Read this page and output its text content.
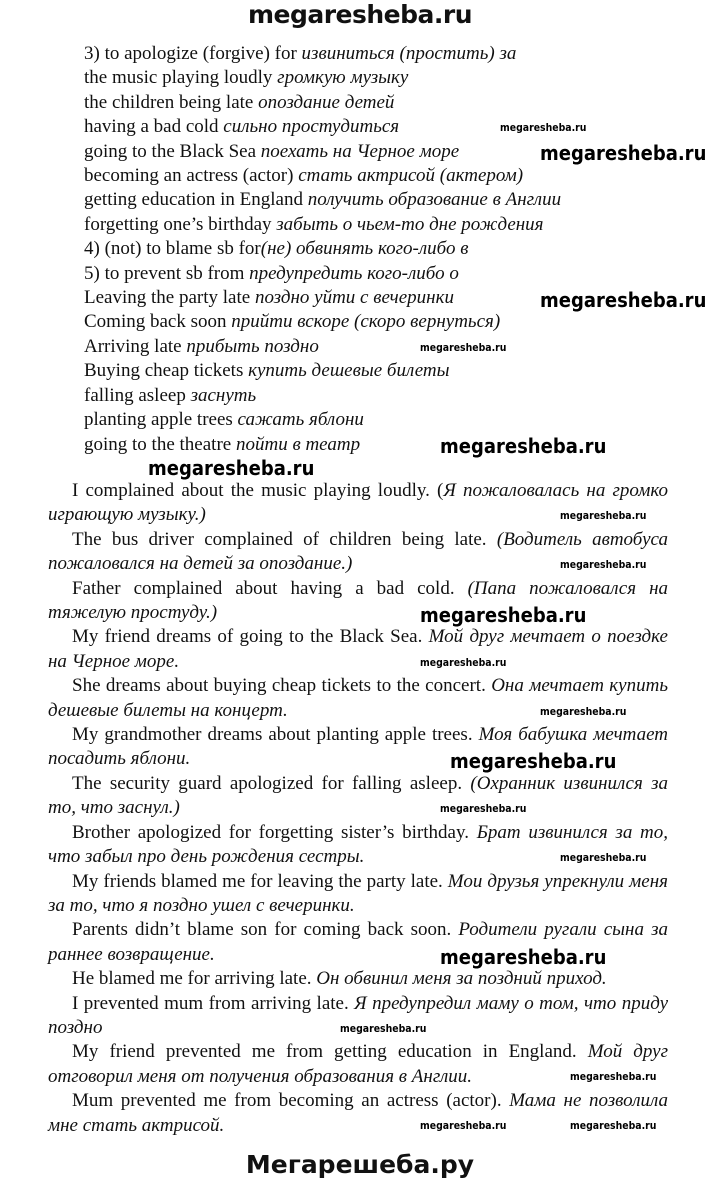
megaresheba.ru
3) to apologize (forgive) for извиниться (простить) за
the music playing loudly громкую музыку
the children being late опоздание детей
having a bad cold сильно простудиться
going to the Black Sea поехать на Черное море
becoming an actress (actor) стать актрисой (актером)
getting education in England получить образование в Англии
forgetting one’s birthday забыть о чьем-то дне рождения
4) (not) to blame sb for(не) обвинять кого-либо в
5) to prevent sb from предупредить кого-либо о
Leaving the party late поздно уйти с вечеринки
Coming back soon прийти вскоре (скоро вернуться)
Arriving late прибыть поздно
Buying cheap tickets купить дешевые билеты
falling asleep заснуть
planting apple trees сажать яблони
going to the theatre пойти в театр

I complained about the music playing loudly. (Я пожаловалась на громко играющую музыку.)

The bus driver complained of children being late. (Водитель автобуса пожаловался на детей за опоздание.)

Father complained about having a bad cold. (Папа пожаловался на тяжелую простуду.)

My friend dreams of going to the Black Sea. Мой друг мечтает о поездке на Черное море.

She dreams about buying cheap tickets to the concert. Она мечтает купить дешевые билеты на концерт.

My grandmother dreams about planting apple trees. Моя бабушка мечтает посадить яблони.

The security guard apologized for falling asleep. (Охранник извинился за то, что заснул.)

Brother apologized for forgetting sister’s birthday. Брат извинился за то, что забыл про день рождения сестры.

My friends blamed me for leaving the party late. Мои друзья упрекнули меня за то, что я поздно ушел с вечеринки.

Parents didn’t blame son for coming back soon. Родители ругали сына за раннее возвращение.

He blamed me for arriving late. Он обвинил меня за поздний приход.

I prevented mum from arriving late. Я предупредил маму о том, что приду поздно

My friend prevented me from getting education in England. Мой друг отговорил меня от получения образования в Англии.

Mum prevented me from becoming an actress (actor). Мама не позволила мне стать актрисой.

megaresheba.ru
megaresheba.ru
megaresheba.ru
megaresheba.ru
megaresheba.ru
megaresheba.ru
megaresheba.ru
megaresheba.ru
megaresheba.ru
megaresheba.ru
megaresheba.ru
megaresheba.ru
megaresheba.ru
megaresheba.ru
megaresheba.ru
megaresheba.ru
megaresheba.ru
megaresheba.ru	megaresheba.ru
Мегарешеба.ру
